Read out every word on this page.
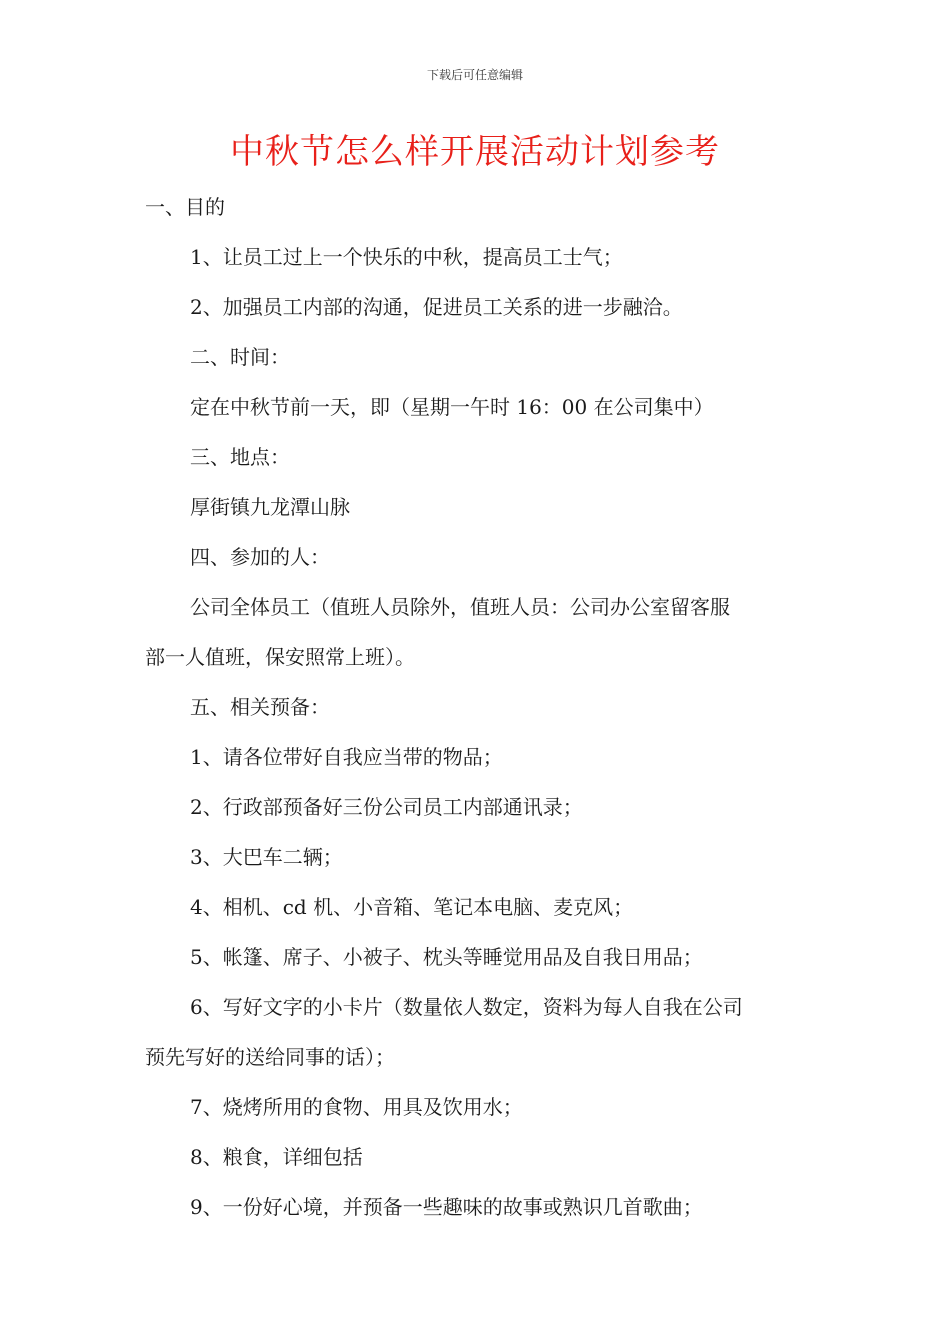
下载后可任意编辑
中秋节怎么样开展活动计划参考
一、目的
1、让员工过上一个快乐的中秋，提高员工士气；
2、加强员工内部的沟通，促进员工关系的进一步融洽。
二、时间：
定在中秋节前一天，即（星期一午时 16：00 在公司集中）
三、地点：
厚街镇九龙潭山脉
四、参加的人：
公司全体员工（值班人员除外，值班人员：公司办公室留客服
部一人值班，保安照常上班）。
五、相关预备：
1、请各位带好自我应当带的物品；
2、行政部预备好三份公司员工内部通讯录；
3、大巴车二辆；
4、相机、cd 机、小音箱、笔记本电脑、麦克风；
5、帐篷、席子、小被子、枕头等睡觉用品及自我日用品；
6、写好文字的小卡片（数量依人数定，资料为每人自我在公司
预先写好的送给同事的话）；
7、烧烤所用的食物、用具及饮用水；
8、粮食，详细包括
9、一份好心境，并预备一些趣味的故事或熟识几首歌曲；
